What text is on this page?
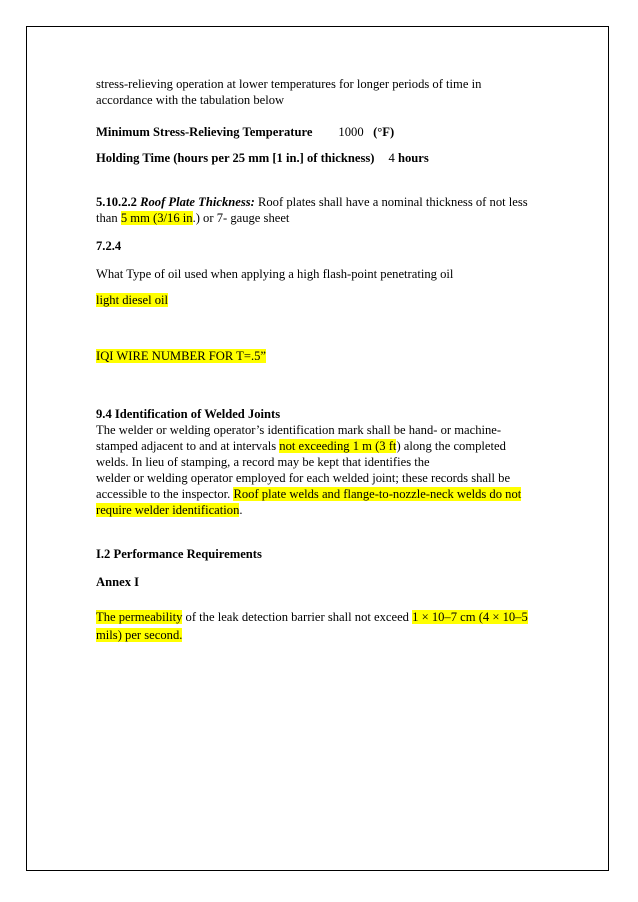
stress-relieving operation at lower temperatures for longer periods of time in
accordance with the tabulation below

Minimum Stress-Relieving Temperature 1000 (°F)

Holding Time (hours per 25 mm [1 in.] of thickness) 4 hours

5.10.2.2 Roof Plate Thickness: Roof plates shall have a nominal thickness of not less
than 5 mm (3/16 in.) or 7- gauge sheet

7.2.4

What Type of oil used when applying a high flash-point penetrating oil

light diesel oil

IQI WIRE NUMBER FOR T=.5”

9.4 Identification of Welded Joints

The welder or welding operator’s identification mark shall be hand- or machine-
stamped adjacent to and at intervals not exceeding 1 m (3 ft) along the completed
welds. In lieu of stamping, a record may be kept that identifies the
welder or welding operator employed for each welded joint; these records shall be
accessible to the inspector. Roof plate welds and flange-to-nozzle-neck welds do not
require welder identification.

I.2 Performance Requirements

Annex I

The permeability of the leak detection barrier shall not exceed 1 × 10–7 cm (4 × 10–5
mils) per second.
